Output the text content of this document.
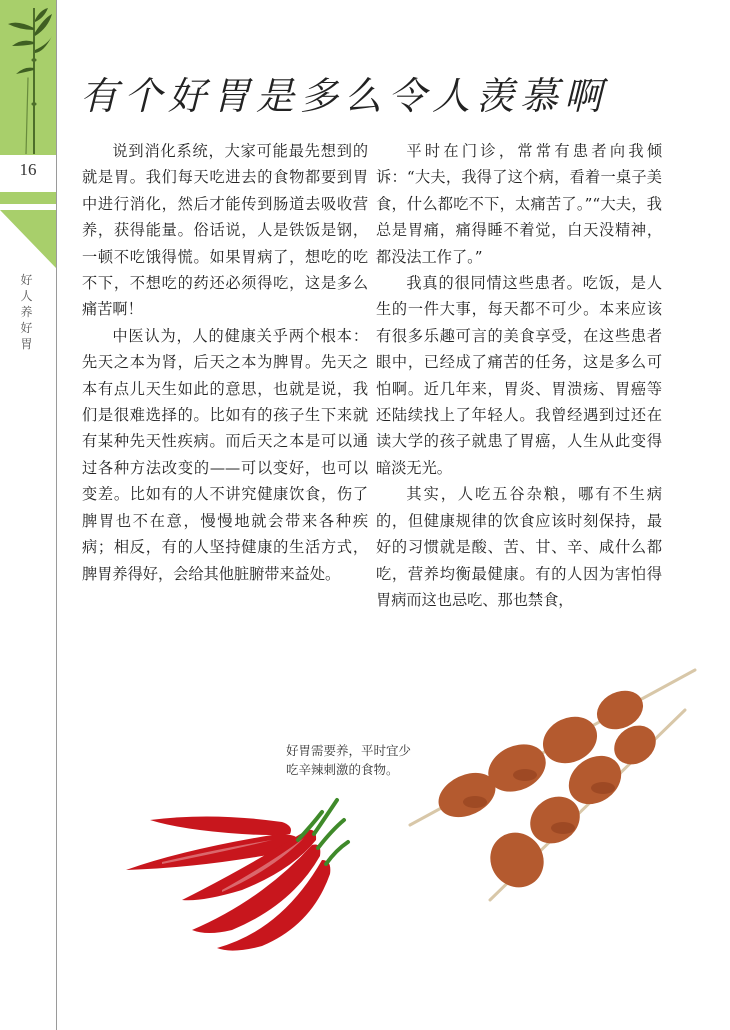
16
好人养好胃
有个好胃是多么令人羡慕啊

说到消化系统，大家可能最先想到的就是胃。我们每天吃进去的食物都要到胃中进行消化，然后才能传到肠道去吸收营养，获得能量。俗话说，人是铁饭是钢，一顿不吃饿得慌。如果胃病了，想吃的吃不下，不想吃的药还必须得吃，这是多么痛苦啊！

中医认为，人的健康关乎两个根本：先天之本为肾，后天之本为脾胃。先天之本有点儿天生如此的意思，也就是说，我们是很难选择的。比如有的孩子生下来就有某种先天性疾病。而后天之本是可以通过各种方法改变的——可以变好，也可以变差。比如有的人不讲究健康饮食，伤了脾胃也不在意，慢慢地就会带来各种疾病；相反，有的人坚持健康的生活方式，脾胃养得好，会给其他脏腑带来益处。

平时在门诊，常常有患者向我倾诉：“大夫，我得了这个病，看着一桌子美食，什么都吃不下，太痛苦了。”“大夫，我总是胃痛，痛得睡不着觉，白天没精神，都没法工作了。”

我真的很同情这些患者。吃饭，是人生的一件大事，每天都不可少。本来应该有很多乐趣可言的美食享受，在这些患者眼中，已经成了痛苦的任务，这是多么可怕啊。近几年来，胃炎、胃溃疡、胃癌等还陆续找上了年轻人。我曾经遇到过还在读大学的孩子就患了胃癌，人生从此变得暗淡无光。

其实，人吃五谷杂粮，哪有不生病的，但健康规律的饮食应该时刻保持，最好的习惯就是酸、苦、甘、辛、咸什么都吃，营养均衡最健康。有的人因为害怕得胃病而这也忌吃、那也禁食，

好胃需要养，平时宜少
吃辛辣刺激的食物。
